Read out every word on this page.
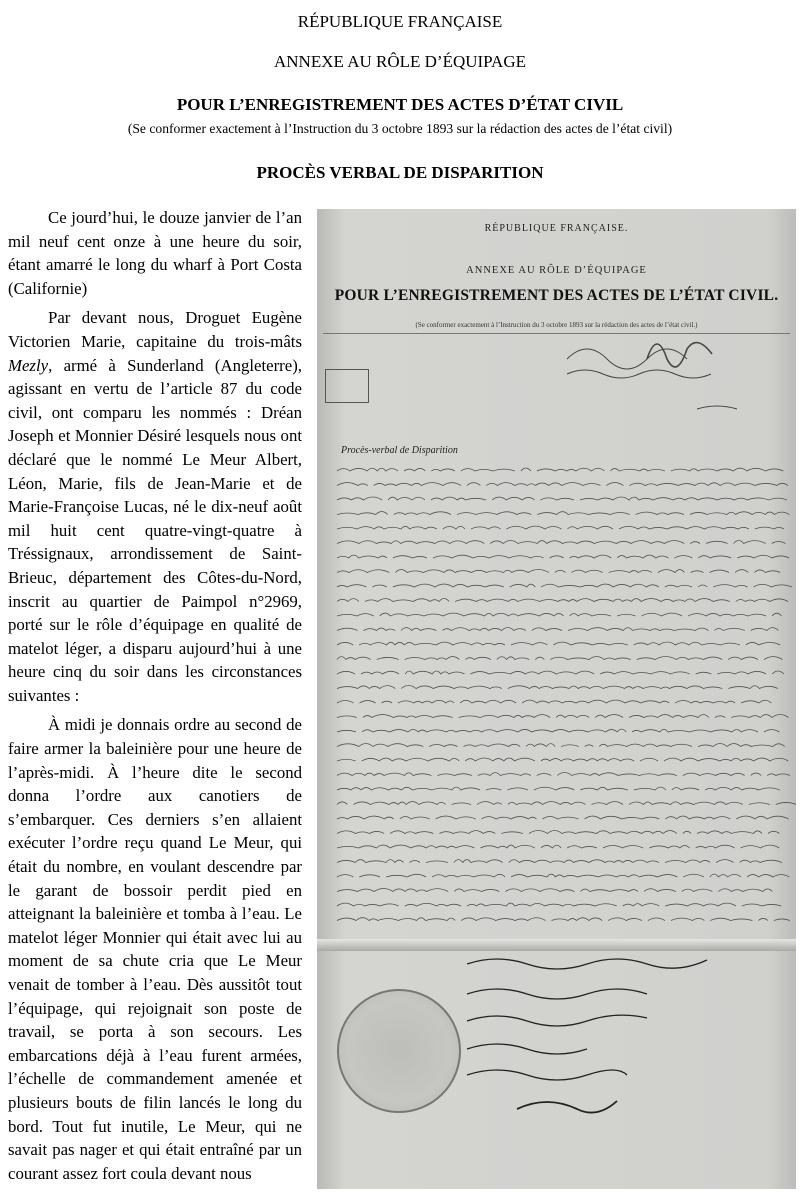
RÉPUBLIQUE FRANÇAISE
ANNEXE AU RÔLE D’ÉQUIPAGE
POUR L’ENREGISTREMENT DES ACTES D’ÉTAT CIVIL
(Se conformer exactement à l’Instruction du 3 octobre 1893 sur la rédaction des actes de l’état civil)
PROCÈS VERBAL DE DISPARITION

Ce jourd’hui, le douze janvier de l’an mil neuf cent onze à une heure du soir, étant amarré le long du wharf à Port Costa (Californie)

Par devant nous, Droguet Eugène Victorien Marie, capitaine du trois-mâts Mezly, armé à Sunderland (Angleterre), agissant en vertu de l’article 87 du code civil, ont comparu les nommés : Dréan Joseph et Monnier Désiré lesquels nous ont déclaré que le nommé Le Meur Albert, Léon, Marie, fils de Jean-Marie et de Marie-Françoise Lucas, né le dix-neuf août mil huit cent quatre-vingt-quatre à Tréssignaux, arrondissement de Saint-Brieuc, département des Côtes-du-Nord, inscrit au quartier de Paimpol n°2969, porté sur le rôle d’équipage en qualité de matelot léger, a disparu aujourd’hui à une heure cinq du soir dans les circonstances suivantes :

À midi je donnais ordre au second de faire armer la baleinière pour une heure de l’après-midi. À l’heure dite le second donna l’ordre aux canotiers de s’embarquer. Ces derniers s’en allaient exécuter l’ordre reçu quand Le Meur, qui était du nombre, en voulant descendre par le garant de bossoir perdit pied en atteignant la baleinière et tomba à l’eau. Le matelot léger Monnier qui était avec lui au moment de sa chute cria que Le Meur venait de tomber à l’eau. Dès aussitôt tout l’équipage, qui rejoignait son poste de travail, se porta à son secours. Les embarcations déjà à l’eau furent armées, l’échelle de commandement amenée et plusieurs bouts de filin lancés le long du bord. Tout fut inutile, Le Meur, qui ne savait pas nager et qui était entraîné par un courant assez fort coula devant nous

RÉPUBLIQUE FRANÇAISE.
ANNEXE AU RÔLE D’ÉQUIPAGE
POUR L’ENREGISTREMENT DES ACTES DE L’ÉTAT CIVIL.
(Se conformer exactement à l’Instruction du 3 octobre 1893 sur la rédaction des actes de l’état civil.)
Procès-verbal de Disparition
